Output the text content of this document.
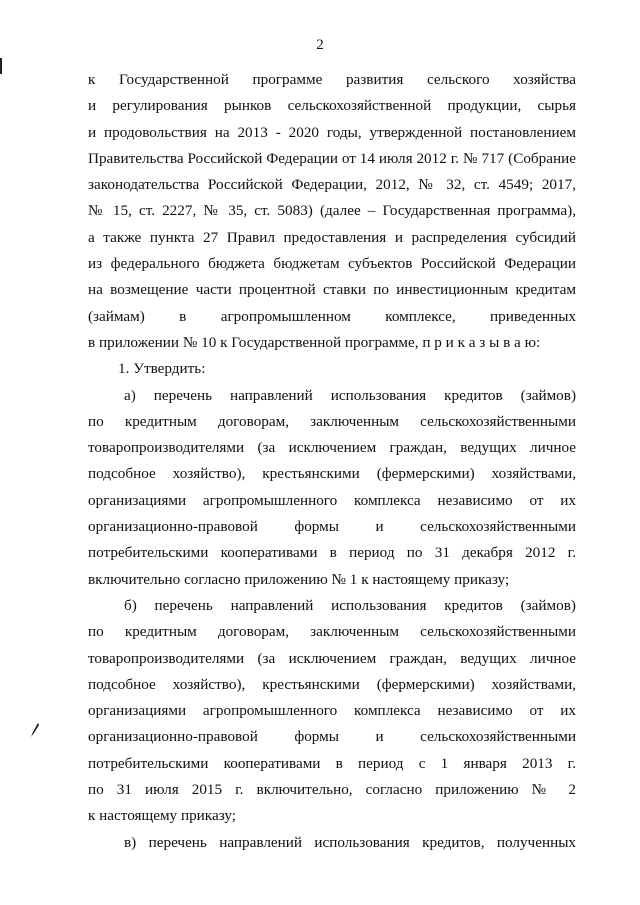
2
к Государственной программе развития сельского хозяйства
и регулирования рынков сельскохозяйственной продукции, сырья
и продовольствия на 2013 - 2020 годы, утвержденной постановлением
Правительства Российской Федерации от 14 июля 2012 г. № 717 (Собрание
законодательства Российской Федерации, 2012, № 32, ст. 4549; 2017,
№ 15, ст. 2227, № 35, ст. 5083) (далее – Государственная программа),
а также пункта 27 Правил предоставления и распределения субсидий
из федерального бюджета бюджетам субъектов Российской Федерации
на возмещение части процентной ставки по инвестиционным кредитам
(займам) в агропромышленном комплексе, приведенных
в приложении № 10 к Государственной программе, п р и к а з ы в а ю:
1. Утвердить:
а) перечень направлений использования кредитов (займов)
по кредитным договорам, заключенным сельскохозяйственными
товаропроизводителями (за исключением граждан, ведущих личное
подсобное хозяйство), крестьянскими (фермерскими) хозяйствами,
организациями агропромышленного комплекса независимо от их
организационно-правовой формы и сельскохозяйственными
потребительскими кооперативами в период по 31 декабря 2012 г.
включительно согласно приложению № 1 к настоящему приказу;
б) перечень направлений использования кредитов (займов)
по кредитным договорам, заключенным сельскохозяйственными
товаропроизводителями (за исключением граждан, ведущих личное
подсобное хозяйство), крестьянскими (фермерскими) хозяйствами,
организациями агропромышленного комплекса независимо от их
организационно-правовой формы и сельскохозяйственными
потребительскими кооперативами в период с 1 января 2013 г.
по 31 июля 2015 г. включительно, согласно приложению № 2
к настоящему приказу;
в) перечень направлений использования кредитов, полученных
